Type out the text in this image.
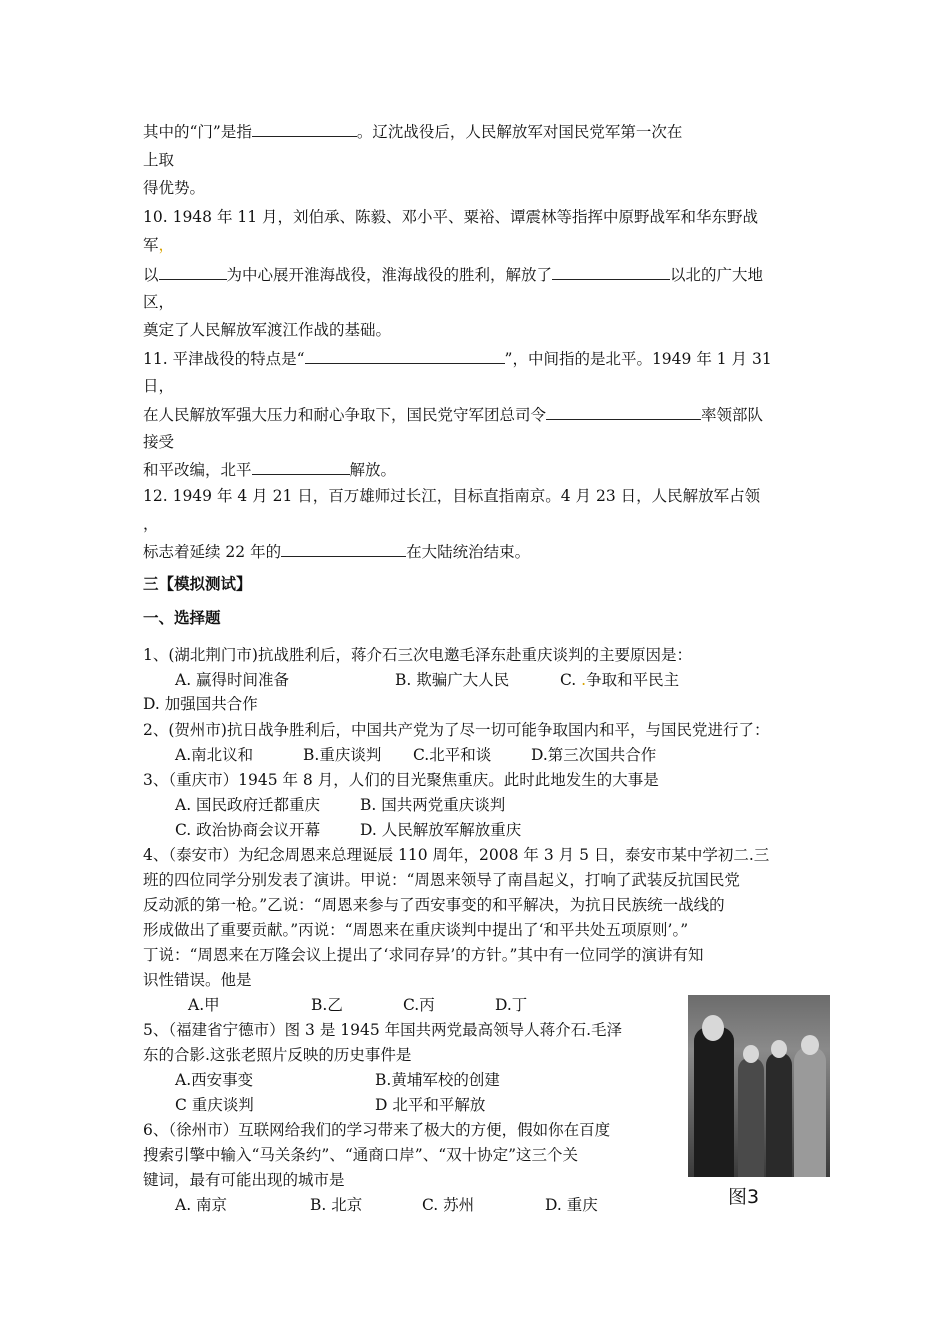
其中的“门”是指	。辽沈战役后，人民解放军对国民党军第一次在
上取
得优势。
10. 1948 年 11 月，刘伯承、陈毅、邓小平、粟裕、谭震林等指挥中原野战军和华东野战
军，
以	为中心展开淮海战役，淮海战役的胜利，解放了	以北的广大地
区，
奠定了人民解放军渡江作战的基础。
11. 平津战役的特点是“	”，中间指的是北平。1949 年 1 月 31
日，
在人民解放军强大压力和耐心争取下，国民党守军团总司令	率领部队
接受
和平改编，北平	解放。
12. 1949 年 4 月 21 日，百万雄师过长江，目标直指南京。4 月 23 日，人民解放军占领
，
标志着延续 22 年的	在大陆统治结束。
三【模拟测试】
一、选择题
1、(湖北荆门市)抗战胜利后，蒋介石三次电邀毛泽东赴重庆谈判的主要原因是：
A. 赢得时间准备	B. 欺骗广大人民	C. .争取和平民主
D. 加强国共合作
2、(贺州市)抗日战争胜利后，中国共产党为了尽一切可能争取国内和平，与国民党进行了：
A.南北议和	B.重庆谈判 C.北平和谈	D.第三次国共合作
3、（重庆市）1945 年 8 月，人们的目光聚焦重庆。此时此地发生的大事是
A. 国民政府迁都重庆	B. 国共两党重庆谈判
C. 政治协商会议开幕	D. 人民解放军解放重庆
4、（泰安市）为纪念周恩来总理诞辰 110 周年，2008 年 3 月 5 日，泰安市某中学初二.三
班的四位同学分别发表了演讲。甲说：“周恩来领导了南昌起义，打响了武装反抗国民党
反动派的第一枪。”乙说：“周恩来参与了西安事变的和平解决，为抗日民族统一战线的
形成做出了重要贡献。”丙说：“周恩来在重庆谈判中提出了‘和平共处五项原则’。”
丁说：“周恩来在万隆会议上提出了‘求同存异’的方针。”其中有一位同学的演讲有知
识性错误。他是
A.甲	B.乙	C.丙	D.丁
5、（福建省宁德市）图 3 是 1945 年国共两党最高领导人蒋介石.毛泽
东的合影.这张老照片反映的历史事件是
A.西安事变	B.黄埔军校的创建
C 重庆谈判	D 北平和平解放
6、（徐州市）互联网给我们的学习带来了极大的方便，假如你在百度
搜索引擎中输入“马关条约”、“通商口岸”、“双十协定”这三个关
键词，最有可能出现的城市是
A. 南京	B. 北京	C. 苏州	D. 重庆	图3
